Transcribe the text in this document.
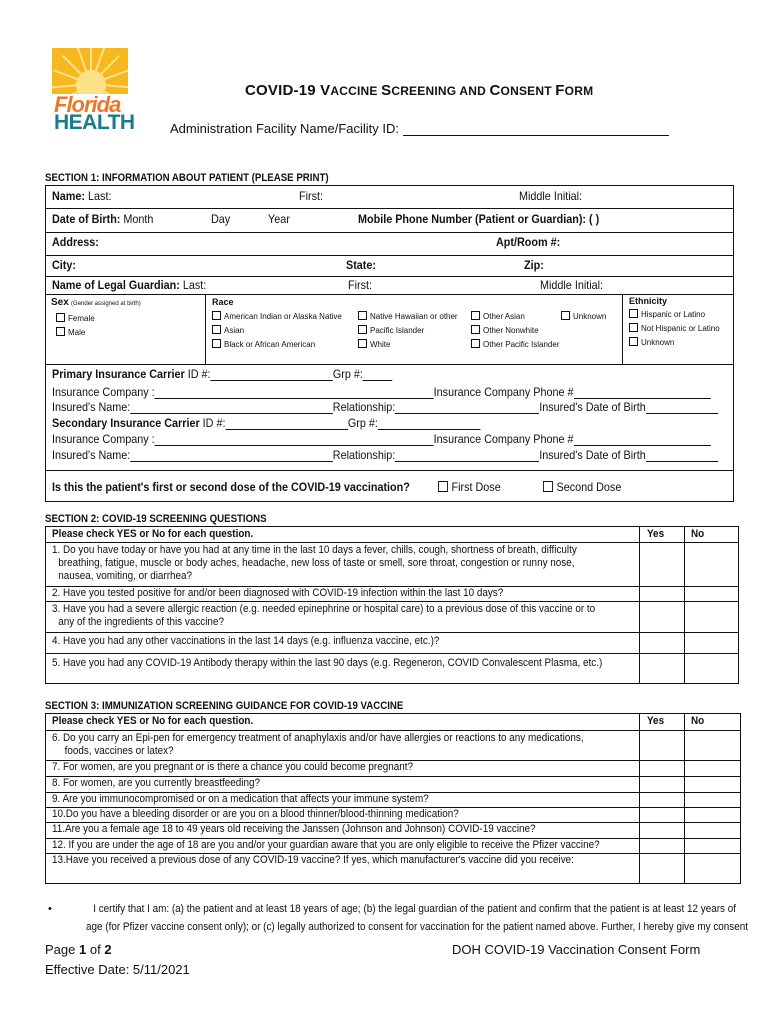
Florida
HEALTH
COVID-19 VACCINE SCREENING AND CONSENT FORM
Administration Facility Name/Facility ID:
SECTION 1: INFORMATION ABOUT PATIENT (PLEASE PRINT)
Name: Last:	First:	Middle Initial:
Date of Birth: Month	Day	Year	Mobile Phone Number (Patient or Guardian): ( )
Address:	Apt/Room #:
City:	State:	Zip:
Name of Legal Guardian: Last:	First:	Middle Initial:
Sex (Gender assigned at birth)
Female
Male
Race
American Indian or Alaska Native
Asian
Black or African American
Native Hawaiian or other
Pacific Islander
White
Other Asian
Other Nonwhite
Other Pacific Islander
Unknown
Ethnicity
Hispanic or Latino
Not Hispanic or Latino
Unknown
Primary Insurance Carrier ID #:	Grp #:
Insurance Company :	Insurance Company Phone #
Insured's Name:	Relationship:	Insured's Date of Birth
Secondary Insurance Carrier ID #:	Grp #:
Insurance Company :	Insurance Company Phone #
Insured's Name:	Relationship:	Insured's Date of Birth
Is this the patient's first or second dose of the COVID-19 vaccination?	First Dose	Second Dose
SECTION 2: COVID-19 SCREENING QUESTIONS
Please check YES or No for each question.	Yes No
1. Do you have today or have you had at any time in the last 10 days a fever, chills, cough, shortness of breath, difficulty
breathing, fatigue, muscle or body aches, headache, new loss of taste or smell, sore throat, congestion or runny nose,
nausea, vomiting, or diarrhea?
2. Have you tested positive for and/or been diagnosed with COVID-19 infection within the last 10 days?
3. Have you had a severe allergic reaction (e.g. needed epinephrine or hospital care) to a previous dose of this vaccine or to
any of the ingredients of this vaccine?
4. Have you had any other vaccinations in the last 14 days (e.g. influenza vaccine, etc.)?
5. Have you had any COVID-19 Antibody therapy within the last 90 days (e.g. Regeneron, COVID Convalescent Plasma, etc.)
SECTION 3: IMMUNIZATION SCREENING GUIDANCE FOR COVID-19 VACCINE
Please check YES or No for each question.	Yes No
6. Do you carry an Epi-pen for emergency treatment of anaphylaxis and/or have allergies or reactions to any medications,
foods, vaccines or latex?
7. For women, are you pregnant or is there a chance you could become pregnant?
8. For women, are you currently breastfeeding?
9. Are you immunocompromised or on a medication that affects your immune system?
10.Do you have a bleeding disorder or are you on a blood thinner/blood-thinning medication?
11.Are you a female age 18 to 49 years old receiving the Janssen (Johnson and Johnson) COVID-19 vaccine?
12. If you are under the age of 18 are you and/or your guardian aware that you are only eligible to receive the Pfizer vaccine?
13.Have you received a previous dose of any COVID-19 vaccine? If yes, which manufacturer's vaccine did you receive:
•	I certify that I am: (a) the patient and at least 18 years of age; (b) the legal guardian of the patient and confirm that the patient is at least 12 years of
age (for Pfizer vaccine consent only); or (c) legally authorized to consent for vaccination for the patient named above. Further, I hereby give my consent
Page 1 of 2
Effective Date: 5/11/2021
DOH COVID-19 Vaccination Consent Form
